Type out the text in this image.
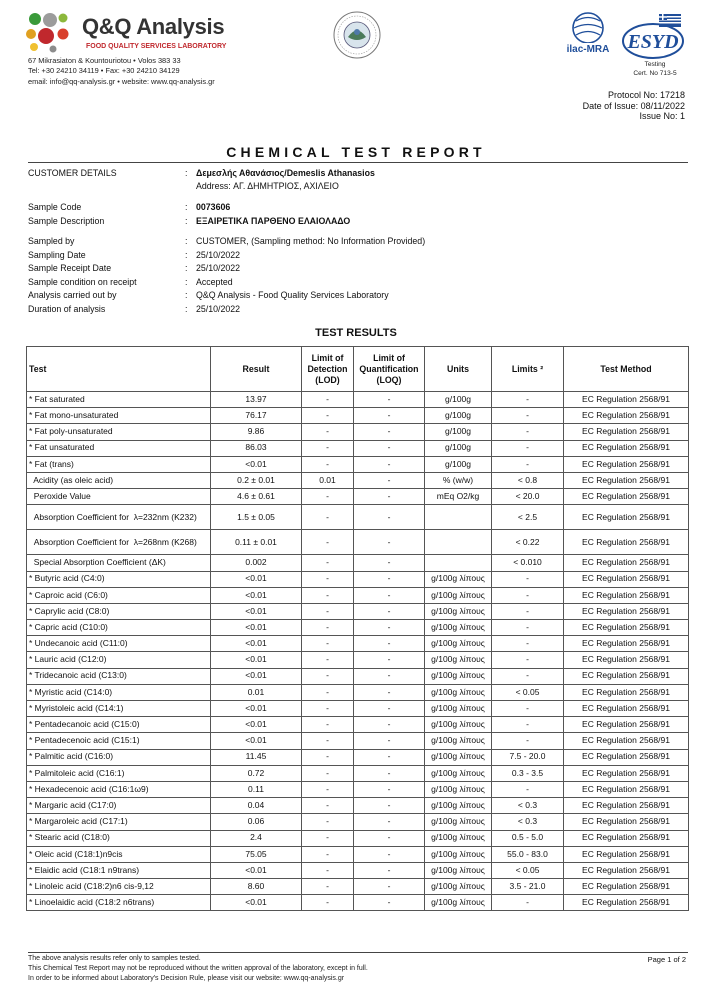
Q&Q Analysis
FOOD QUALITY SERVICES LABORATORY
67 Mikrasiaton & Kountouriotou • Volos 383 33
Tel: +30 24210 34119 • Fax: +30 24210 34129
email: info@qq-analysis.gr • website: www.qq-analysis.gr
ilac-MRA ESYD
Testing
Cert. No 713-5
Protocol No: 17218
Date of Issue: 08/11/2022
Issue No: 1
CHEMICAL TEST REPORT
CUSTOMER DETAILS	: Δεμεσλής Αθανάσιος/Demeslis Athanasios
Address: ΑΓ. ΔΗΜΗΤΡΙΟΣ, ΑΧΙΛΕΙΟ
Sample Code	: 0073606
Sample Description	: ΕΞΑΙΡΕΤΙΚΑ ΠΑΡΘΕΝΟ ΕΛΑΙΟΛΑΔΟ
Sampled by	: CUSTOMER, (Sampling method: No Information Provided)
Sampling Date	: 25/10/2022
Sample Receipt Date	: 25/10/2022
Sample condition on receipt	: Accepted
Analysis carried out by	: Q&Q Analysis - Food Quality Services Laboratory
Duration of analysis	: 25/10/2022
TEST RESULTS
Test	Result	Limit of Detection (LOD)	Limit of Quantification (LOQ)	Units	Limits ²	Test Method
* Fat saturated	13.97	-	-	g/100g	-	EC Regulation 2568/91
* Fat mono-unsaturated	76.17	-	-	g/100g	-	EC Regulation 2568/91
* Fat poly-unsaturated	9.86	-	-	g/100g	-	EC Regulation 2568/91
* Fat unsaturated	86.03	-	-	g/100g	-	EC Regulation 2568/91
* Fat (trans)	<0.01	-	-	g/100g	-	EC Regulation 2568/91
Acidity (as oleic acid)	0.2 ± 0.01	0.01	-	% (w/w)	< 0.8	EC Regulation 2568/91
Peroxide Value	4.6 ± 0.61	-	-	mEq O2/kg	< 20.0	EC Regulation 2568/91
Absorption Coefficient for  λ=232nm (K232)	1.5 ± 0.05	-	-		< 2.5	EC Regulation 2568/91
Absorption Coefficient for  λ=268nm (K268)	0.11 ± 0.01	-	-		< 0.22	EC Regulation 2568/91
Special Absorption Coefficient (ΔK)	0.002	-	-		< 0.010	EC Regulation 2568/91
* Butyric acid (C4:0)	<0.01	-	-	g/100g λίπους	-	EC Regulation 2568/91
* Caproic acid (C6:0)	<0.01	-	-	g/100g λίπους	-	EC Regulation 2568/91
* Caprylic acid (C8:0)	<0.01	-	-	g/100g λίπους	-	EC Regulation 2568/91
* Capric acid (C10:0)	<0.01	-	-	g/100g λίπους	-	EC Regulation 2568/91
* Undecanoic acid (C11:0)	<0.01	-	-	g/100g λίπους	-	EC Regulation 2568/91
* Lauric acid (C12:0)	<0.01	-	-	g/100g λίπους	-	EC Regulation 2568/91
* Tridecanoic acid (C13:0)	<0.01	-	-	g/100g λίπους	-	EC Regulation 2568/91
* Myristic acid (C14:0)	0.01	-	-	g/100g λίπους	< 0.05	EC Regulation 2568/91
* Myristoleic acid (C14:1)	<0.01	-	-	g/100g λίπους	-	EC Regulation 2568/91
* Pentadecanoic acid (C15:0)	<0.01	-	-	g/100g λίπους	-	EC Regulation 2568/91
* Pentadecenoic acid (C15:1)	<0.01	-	-	g/100g λίπους	-	EC Regulation 2568/91
* Palmitic acid (C16:0)	11.45	-	-	g/100g λίπους	7.5 - 20.0	EC Regulation 2568/91
* Palmitoleic acid (C16:1)	0.72	-	-	g/100g λίπους	0.3 - 3.5	EC Regulation 2568/91
* Hexadecenoic acid (C16:1ω9)	0.11	-	-	g/100g λίπους	-	EC Regulation 2568/91
* Margaric acid (C17:0)	0.04	-	-	g/100g λίπους	< 0.3	EC Regulation 2568/91
* Margaroleic acid (C17:1)	0.06	-	-	g/100g λίπους	< 0.3	EC Regulation 2568/91
* Stearic acid (C18:0)	2.4	-	-	g/100g λίπους	0.5 - 5.0	EC Regulation 2568/91
* Oleic acid (C18:1)n9cis	75.05	-	-	g/100g λίπους	55.0 - 83.0	EC Regulation 2568/91
* Elaidic acid (C18:1 n9trans)	<0.01	-	-	g/100g λίπους	< 0.05	EC Regulation 2568/91
* Linoleic acid (C18:2)n6 cis-9,12	8.60	-	-	g/100g λίπους	3.5 - 21.0	EC Regulation 2568/91
* Linoelaidic acid (C18:2 n6trans)	<0.01	-	-	g/100g λίπους	-	EC Regulation 2568/91
The above analysis results refer only to samples tested.
This Chemical Test Report may not be reproduced without the written approval of the laboratory, except in full.
In order to be informed about Laboratory's Decision Rule, please visit our website: www.qq-analysis.gr
Page 1 of 2
